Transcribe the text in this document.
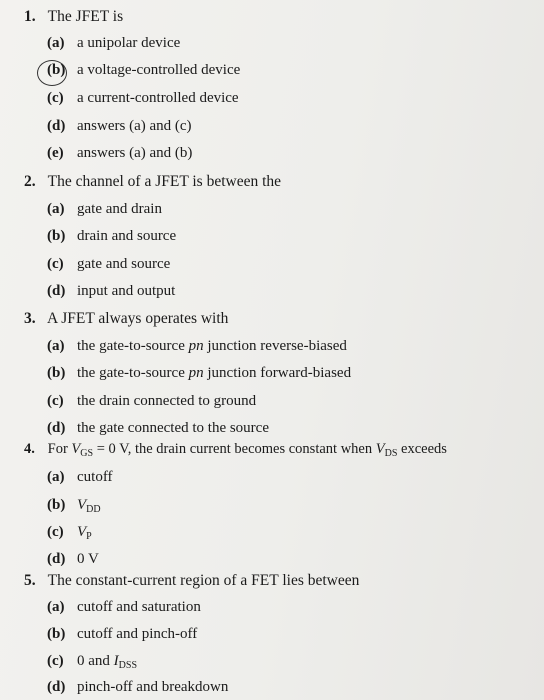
1. The JFET is
(a) a unipolar device
(b) a voltage-controlled device
(c) a current-controlled device
(d) answers (a) and (c)
(e) answers (a) and (b)
2. The channel of a JFET is between the
(a) gate and drain
(b) drain and source
(c) gate and source
(d) input and output
3. A JFET always operates with
(a) the gate-to-source pn junction reverse-biased
(b) the gate-to-source pn junction forward-biased
(c) the drain connected to ground
(d) the gate connected to the source
4. For $V_{GS} = 0$ V, the drain current becomes constant when $V_{DS}$ exceeds
(a) cutoff
(b) $V_{DD}$
(c) $V_P$
(d) 0 V
5. The constant-current region of a FET lies between
(a) cutoff and saturation
(b) cutoff and pinch-off
(c) 0 and $I_{DSS}$
(d) pinch-off and breakdown
